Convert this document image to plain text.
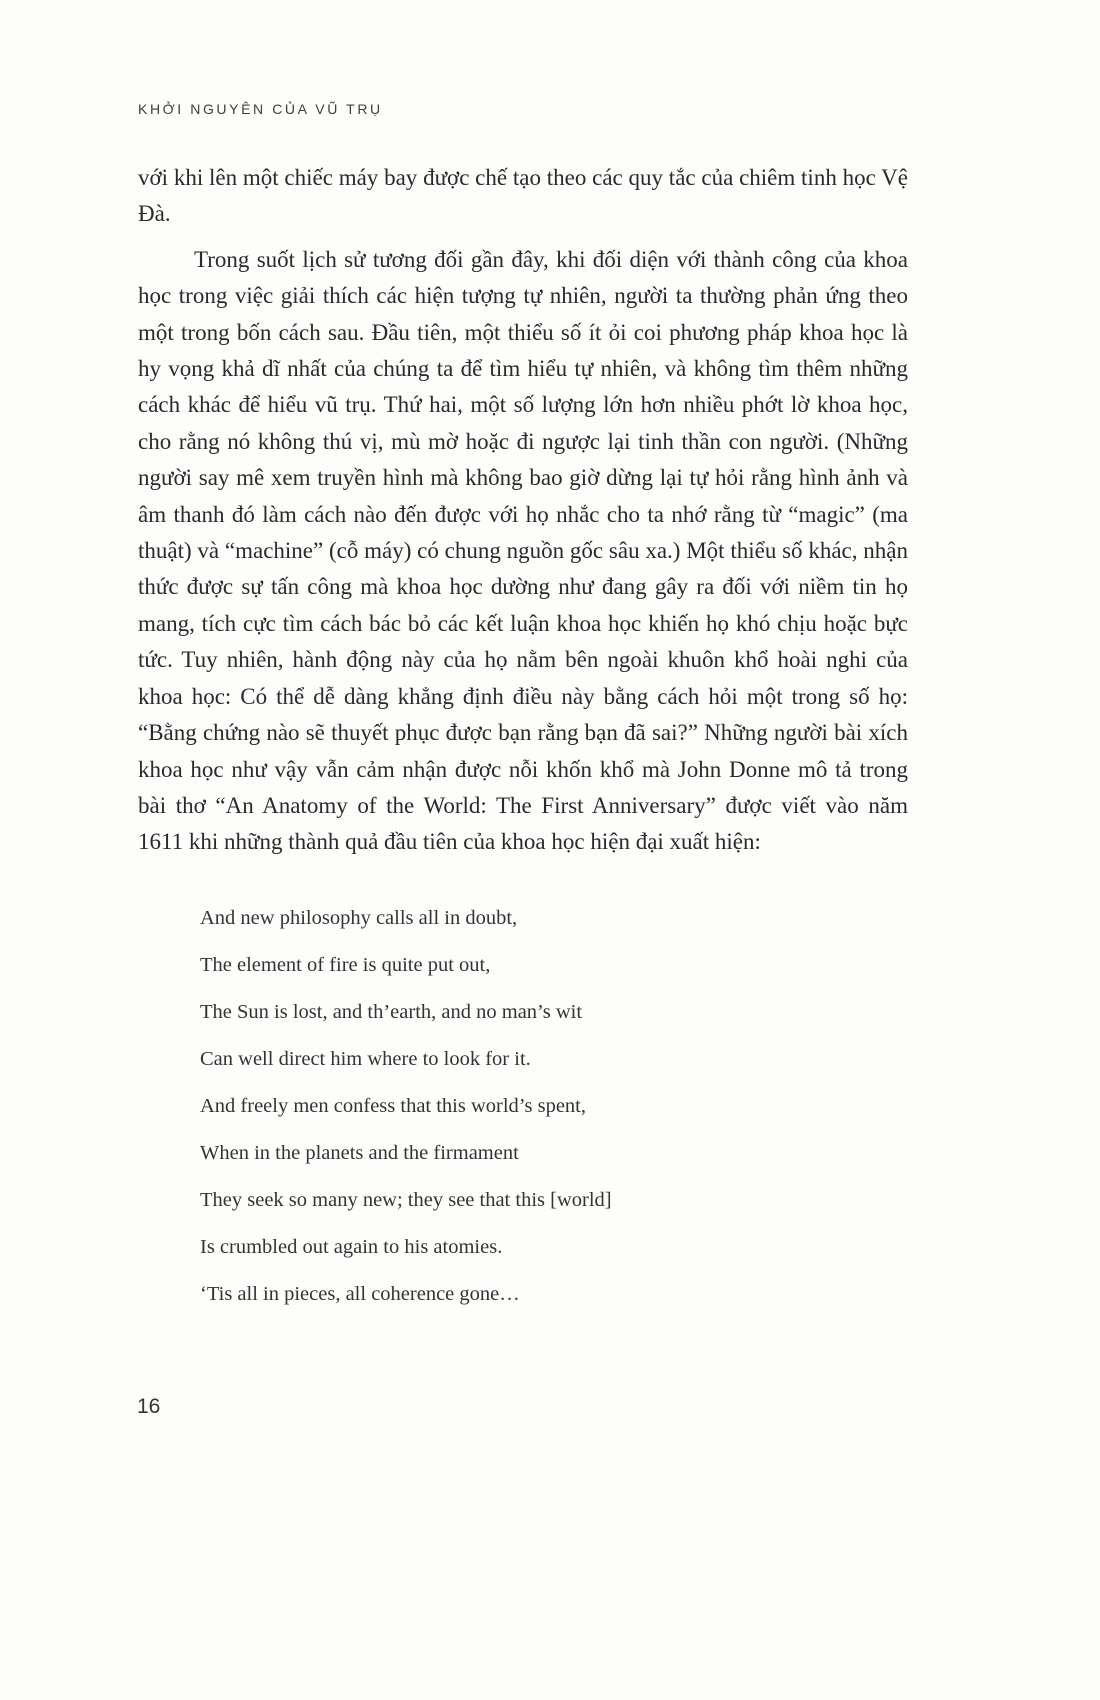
KHỞI NGUYÊN CỦA VŨ TRỤ

với khi lên một chiếc máy bay được chế tạo theo các quy tắc của chiêm tinh học Vệ Đà.

Trong suốt lịch sử tương đối gần đây, khi đối diện với thành công của khoa học trong việc giải thích các hiện tượng tự nhiên, người ta thường phản ứng theo một trong bốn cách sau. Đầu tiên, một thiểu số ít ỏi coi phương pháp khoa học là hy vọng khả dĩ nhất của chúng ta để tìm hiểu tự nhiên, và không tìm thêm những cách khác để hiểu vũ trụ. Thứ hai, một số lượng lớn hơn nhiều phớt lờ khoa học, cho rằng nó không thú vị, mù mờ hoặc đi ngược lại tinh thần con người. (Những người say mê xem truyền hình mà không bao giờ dừng lại tự hỏi rằng hình ảnh và âm thanh đó làm cách nào đến được với họ nhắc cho ta nhớ rằng từ “magic” (ma thuật) và “machine” (cỗ máy) có chung nguồn gốc sâu xa.) Một thiểu số khác, nhận thức được sự tấn công mà khoa học dường như đang gây ra đối với niềm tin họ mang, tích cực tìm cách bác bỏ các kết luận khoa học khiến họ khó chịu hoặc bực tức. Tuy nhiên, hành động này của họ nằm bên ngoài khuôn khổ hoài nghi của khoa học: Có thể dễ dàng khẳng định điều này bằng cách hỏi một trong số họ: “Bằng chứng nào sẽ thuyết phục được bạn rằng bạn đã sai?” Những người bài xích khoa học như vậy vẫn cảm nhận được nỗi khốn khổ mà John Donne mô tả trong bài thơ “An Anatomy of the World: The First Anniversary” được viết vào năm 1611 khi những thành quả đầu tiên của khoa học hiện đại xuất hiện:

And new philosophy calls all in doubt,
The element of fire is quite put out,
The Sun is lost, and th’earth, and no man’s wit
Can well direct him where to look for it.
And freely men confess that this world’s spent,
When in the planets and the firmament
They seek so many new; they see that this [world]
Is crumbled out again to his atomies.
‘Tis all in pieces, all coherence gone…
16
